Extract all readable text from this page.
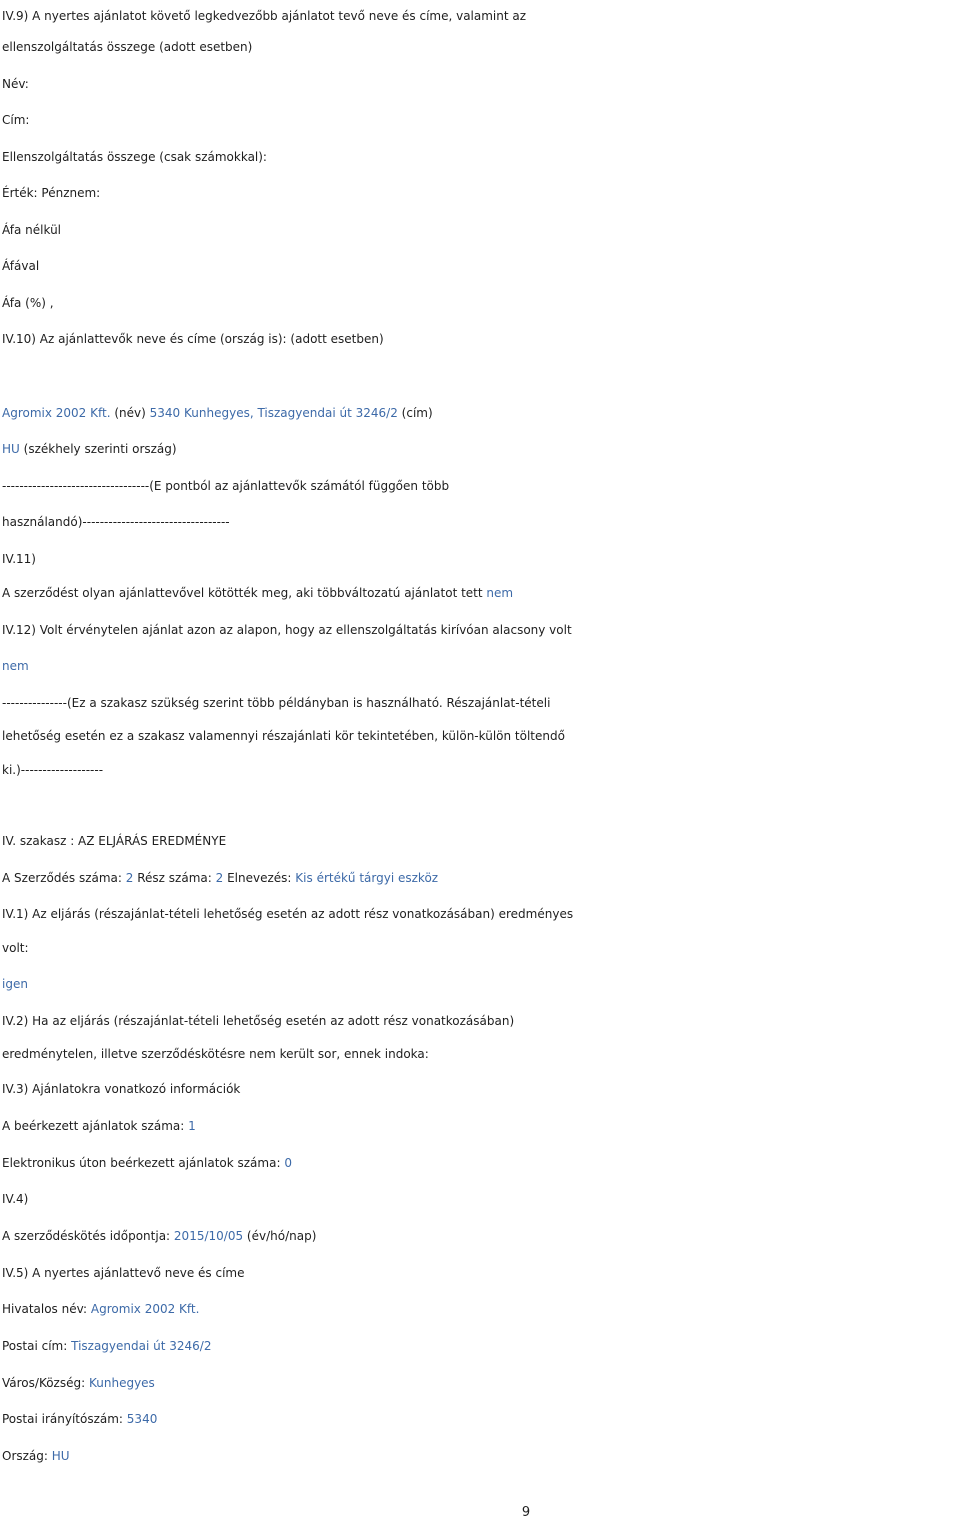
IV.9) A nyertes ajánlatot követő legkedvezőbb ajánlatot tevő neve és címe, valamint az
ellenszolgáltatás összege (adott esetben)
Név:
Cím:
Ellenszolgáltatás összege (csak számokkal):
Érték: Pénznem:
Áfa nélkül
Áfával
Áfa (%) ,
IV.10) Az ajánlattevők neve és címe (ország is): (adott esetben)
Agromix 2002 Kft. (név) 5340 Kunhegyes, Tiszagyendai út 3246/2 (cím)
HU (székhely szerinti ország)
----------------------------------(E pontból az ajánlattevők számától függően több
használandó)----------------------------------
IV.11)
A szerződést olyan ajánlattevővel kötötték meg, aki többváltozatú ajánlatot tett nem
IV.12) Volt érvénytelen ajánlat azon az alapon, hogy az ellenszolgáltatás kirívóan alacsony volt
nem
---------------(Ez a szakasz szükség szerint több példányban is használható. Részajánlat-tételi
lehetőség esetén ez a szakasz valamennyi részajánlati kör tekintetében, külön-külön töltendő
ki.)-------------------
IV. szakasz : AZ ELJÁRÁS EREDMÉNYE
A Szerződés száma: 2 Rész száma: 2 Elnevezés: Kis értékű tárgyi eszköz
IV.1) Az eljárás (részajánlat-tételi lehetőség esetén az adott rész vonatkozásában) eredményes
volt:
igen
IV.2) Ha az eljárás (részajánlat-tételi lehetőség esetén az adott rész vonatkozásában)
eredménytelen, illetve szerződéskötésre nem került sor, ennek indoka:
IV.3) Ajánlatokra vonatkozó információk
A beérkezett ajánlatok száma: 1
Elektronikus úton beérkezett ajánlatok száma: 0
IV.4)
A szerződéskötés időpontja: 2015/10/05 (év/hó/nap)
IV.5) A nyertes ajánlattevő neve és címe
Hivatalos név: Agromix 2002 Kft.
Postai cím: Tiszagyendai út 3246/2
Város/Község: Kunhegyes
Postai irányítószám: 5340
Ország: HU
9
